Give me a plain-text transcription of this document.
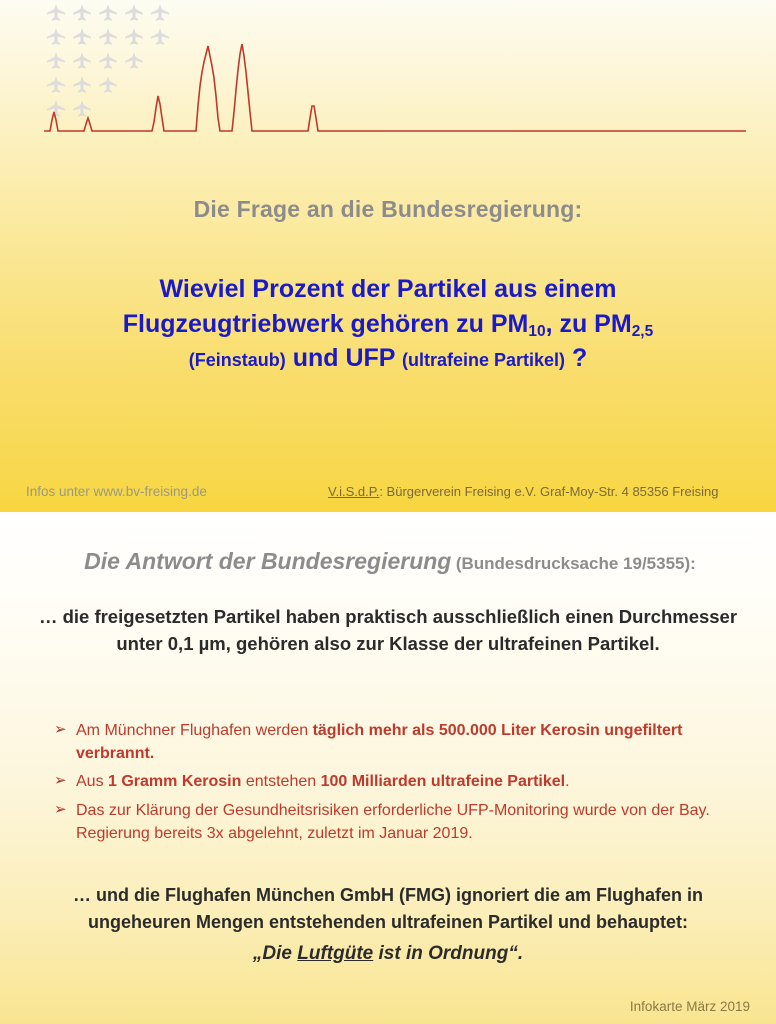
Die Frage an die Bundesregierung:
Wieviel Prozent der Partikel aus einem
Flugzeugtriebwerk gehören zu $PM_{10}$, zu $PM_{2,5}$
(Feinstaub) und UFP (ultrafeine Partikel) ?
Infos unter www.bv-freising.de	V.i.S.d.P.: Bürgerverein Freising e.V. Graf-Moy-Str. 4 85356 Freising
Die Antwort der Bundesregierung (Bundesdrucksache 19/5355):
… die freigesetzten Partikel haben praktisch ausschließlich einen Durchmesser unter 0,1 µm, gehören also zur Klasse der ultrafeinen Partikel.
➢ Am Münchner Flughafen werden täglich mehr als 500.000 Liter Kerosin ungefiltert verbrannt.
➢ Aus 1 Gramm Kerosin entstehen 100 Milliarden ultrafeine Partikel.
➢ Das zur Klärung der Gesundheitsrisiken erforderliche UFP-Monitoring wurde von der Bay. Regierung bereits 3x abgelehnt, zuletzt im Januar 2019.
… und die Flughafen München GmbH (FMG) ignoriert die am Flughafen in ungeheuren Mengen entstehenden ultrafeinen Partikel und behauptet:
„Die Luftgüte ist in Ordnung“.
Infokarte März 2019
